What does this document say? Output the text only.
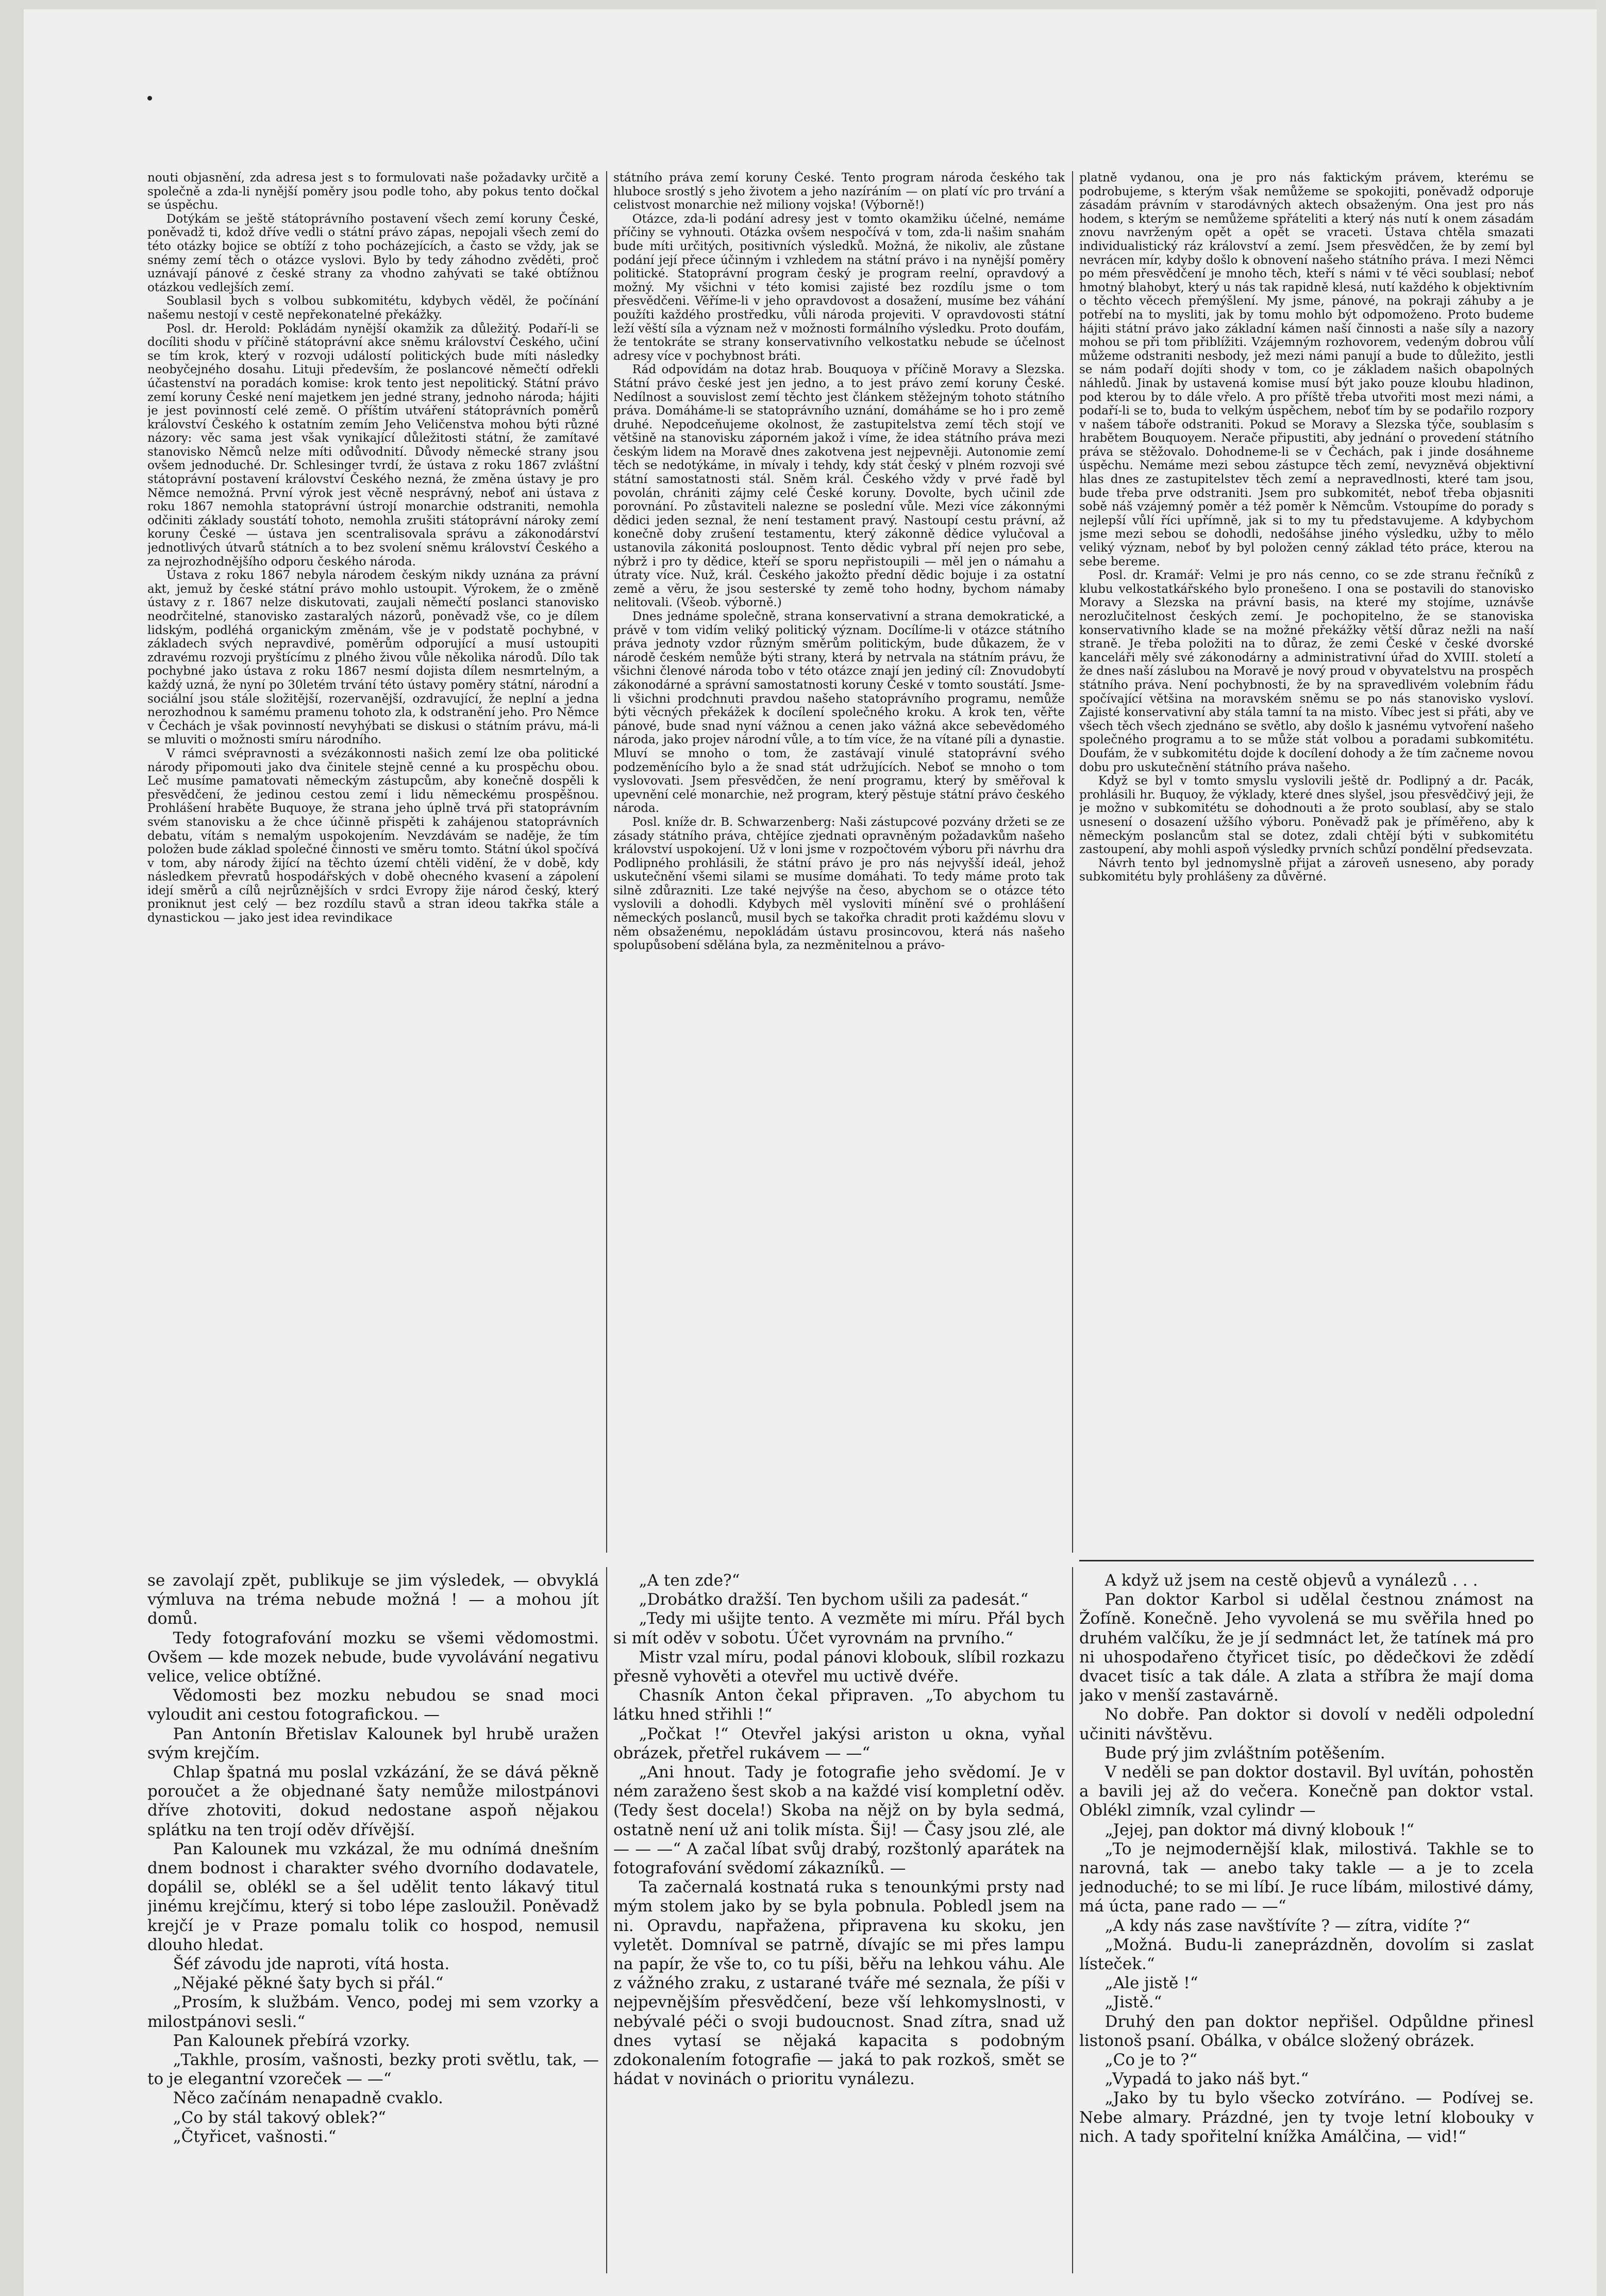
nouti objasnění, zda adresa jest s to formulovati naše požadavky určitě a společně a zda-li nynější poměry jsou podle toho, aby pokus tento dočkal se úspěchu.

Dotýkám se ještě státoprávního postavení všech zemí koruny České, poněvadž ti, kdož dříve vedli o státní právo zápas, nepojali všech zemí do této otázky bojice se obtíží z toho pocházejících, a často se vždy, jak se snémy zemí těch o otázce vyslovi. Bylo by tedy záhodno zvěděti, proč uznávají pánové z české strany za vhodno zahývati se také obtížnou otázkou vedlejších zemí.

Soublasil bych s volbou subkomitétu, kdybych věděl, že počínání našemu nestojí v cestě nepřekonatelné překážky.

Posl. dr. Herold: Pokládám nynější okamžik za důležitý. Podaří-li se docíliti shodu v příčině státoprávní akce sněmu království Českého, učiní se tím krok, který v rozvoji událostí politických bude míti následky neobyčejného dosahu. Lituji především, že poslancové němečtí odřekli účastenství na poradách komise: krok tento jest nepolitický. Státní právo zemí koruny České není majetkem jen jedné strany, jednoho národa; hájiti je jest povinností celé země. O příštím utváření státoprávních poměrů království Českého k ostatním zemím Jeho Veličenstva mohou býti různé názory: věc sama jest však vynikající důležitosti státní, že zamítavé stanovisko Němců nelze míti odůvodnití. Důvody německé strany jsou ovšem jednoduché. Dr. Schlesinger tvrdí, že ústava z roku 1867 zvláštní státoprávní postavení království Českého nezná, že změna ústavy je pro Němce nemožná. První výrok jest věcně nesprávný, neboť ani ústava z roku 1867 nemohla statoprávní ústrojí monarchie odstraniti, nemohla odčiniti základy soustátí tohoto, nemohla zrušiti státoprávní nároky zemí koruny České — ústava jen scentralisovala správu a zákonodárství jednotlivých útvarů státních a to bez svolení sněmu království Českého a za nejrozhodnějšího odporu českého národa.

Ústava z roku 1867 nebyla národem českým nikdy uznána za právní akt, jemuž by české státní právo mohlo ustoupit. Výrokem, že o změně ústavy z r. 1867 nelze diskutovati, zaujali němečtí poslanci stanovisko neodrčitelné, stanovisko zastaralých názorů, poněvadž vše, co je dílem lidským, podléhá organickým změnám, vše je v podstatě pochybné, v základech svých nepravdivé, poměrům odporující a musí ustoupiti zdravému rozvoji pryštícímu z plného živou vůle několika národů. Dílo tak pochybné jako ústava z roku 1867 nesmí dojista dílem nesmrtelným, a každý uzná, že nyní po 30letém trvání této ústavy poměry státní, národní a sociální jsou stále složitější, rozervanější, ozdravující, že neplní a jedna nerozhodnou k samému pramenu tohoto zla, k odstranění jeho. Pro Němce v Čechách je však povinností nevyhýbati se diskusi o státním právu, má-li se mluviti o možnosti smíru národního.

V rámci svépravnosti a svézákonnosti našich zemí lze oba politické národy připomouti jako dva činitele stejně cenné a ku prospěchu obou. Leč musíme pamatovati německým zástupcům, aby konečně dospěli k přesvědčení, že jedinou cestou zemí i lidu německému prospěšnou. Prohlášení hraběte Buquoye, že strana jeho úplně trvá při statoprávním svém stanovisku a že chce účinně přispěti k zahájenou statoprávních debatu, vítám s nemalým uspokojením. Nevzdávám se naděje, že tím položen bude základ společné činnosti ve směru tomto. Státní úkol spočívá v tom, aby národy žijící na těchto území chtěli vidění, že v době, kdy následkem převratů hospodářských v době ohecného kvasení a zápolení idejí směrů a cílů nejrůznějších v srdci Evropy žije národ český, který proniknut jest celý — bez rozdílu stavů a stran ideou takřka stále a dynastickou — jako jest idea revindikace

státního práva zemí koruny České. Tento program národa českého tak hluboce srostlý s jeho životem a jeho nazíráním — on platí víc pro trvání a celistvost monarchie než miliony vojska! (Výborně!)

Otázce, zda-li podání adresy jest v tomto okamžiku účelné, nemáme příčiny se vyhnouti. Otázka ovšem nespočívá v tom, zda-li našim snahám bude míti určitých, positivních výsledků. Možná, že nikoliv, ale zůstane podání její přece účinným i vzhledem na státní právo i na nynější poměry politické. Statoprávní program český je program reelní, opravdový a možný. My všichni v této komisi zajisté bez rozdílu jsme o tom přesvědčeni. Věříme-li v jeho opravdovost a dosažení, musíme bez váhání použíti každého prostředku, vůli národa projeviti. V opravdovosti státní leží věští síla a význam než v možnosti formálního výsledku. Proto doufám, že tentokráte se strany konservativního velkostatku nebude se účelnost adresy více v pochybnost bráti.

Rád odpovídám na dotaz hrab. Bouquoya v příčině Moravy a Slezska. Státní právo české jest jen jedno, a to jest právo zemí koruny České. Nedílnost a souvislost zemí těchto jest článkem stěžejným tohoto státního práva. Domáháme-li se statoprávního uznání, domáháme se ho i pro země druhé. Nepodceňujeme okolnost, že zastupitelstva zemí těch stojí ve většině na stanovisku záporném jakož i víme, že idea státního práva mezi českým lidem na Moravě dnes zakotvena jest nejpevněji. Autonomie zemí těch se nedotýkáme, in mívaly i tehdy, kdy stát český v plném rozvoji své státní samostatnosti stál. Sněm král. Českého vždy v prvé řadě byl povolán, chrániti zájmy celé České koruny. Dovolte, bych učinil zde porovnání. Po zůstaviteli nalezne se poslední vůle. Mezi více zákonnými dědici jeden seznal, že není testament pravý. Nastoupí cestu právní, až konečně doby zrušení testamentu, který zákonně dědice vylučoval a ustanovila zákonitá posloupnost. Tento dědic vybral pří nejen pro sebe, nýbrž i pro ty dědice, kteří se sporu nepřistoupili — měl jen o námahu a útraty více. Nuž, král. Českého jakožto přední dědic bojuje i za ostatní země a věru, že jsou sesterské ty země toho hodny, bychom námaby nelitovali. (Všeob. výborně.)

Dnes jednáme společně, strana konservativní a strana demokratické, a právě v tom vidím veliký politický význam. Docílíme-li v otázce státního práva jednoty vzdor různým směrům politickým, bude důkazem, že v národě českém nemůže býti strany, která by netrvala na státním právu, že všichni členové národa tobo v této otázce znají jen jediný cíl: Znovudobytí zákonodárné a správní samostatnosti koruny České v tomto soustátí. Jsme-li všichni prodchnuti pravdou našeho statoprávního programu, nemůže býti věcných překážek k docílení společného kroku. A krok ten, věřte pánové, bude snad nyní vážnou a cenen jako vážná akce sebevědomého národa, jako projev národní vůle, a to tím více, že na vítané píli a dynastie. Mluví se mnoho o tom, že zastávají vinulé statoprávní svého podzeměnícího bylo a že snad stát udržujících. Neboť se mnoho o tom vyslovovati. Jsem přesvědčen, že není programu, který by směřoval k upevnění celé monarchie, než program, který pěstuje státní právo českého národa.

Posl. kníže dr. B. Schwarzenberg: Naši zástupcové pozvány držeti se ze zásady státního práva, chtějíce zjednati opravněným požadavkům našeho království uspokojení. Už v loni jsme v rozpočtovém výboru při návrhu dra Podlipného prohlásili, že státní právo je pro nás nejvyšší ideál, jehož uskutečnění všemi silami se musíme domáhati. To tedy máme proto tak silně zdůrazniti. Lze také nejvýše na česo, abychom se o otázce této vyslovili a dohodli. Kdybych měl vysloviti mínění své o prohlášení německých poslanců, musil bych se takořka chradit proti každému slovu v něm obsaženému, nepokládám ústavu prosincovou, která nás našeho spolupůsobení sdělána byla, za nezměnitelnou a právo-

platně vydanou, ona je pro nás faktickým právem, kterému se podrobujeme, s kterým však nemůžeme se spokojiti, poněvadž odporuje zásadám právním v starodávných aktech obsaženým. Ona jest pro nás hodem, s kterým se nemůžeme spřáteliti a který nás nutí k onem zásadám znovu navrženým opět a opět se vraceti. Ústava chtěla smazati individualistický ráz království a zemí. Jsem přesvědčen, že by zemí byl nevrácen mír, kdyby došlo k obnovení našeho státního práva. I mezi Němci po mém přesvědčení je mnoho těch, kteří s námi v té věci soublasí; neboť hmotný blahobyt, který u nás tak rapidně klesá, nutí každého k objektivním o těchto věcech přemýšlení. My jsme, pánové, na pokraji záhuby a je potřebí na to mysliti, jak by tomu mohlo být odpomoženo. Proto budeme hájiti státní právo jako základní kámen naší činnosti a naše síly a nazory mohou se při tom přiblížiti. Vzájemným rozhovorem, vedeným dobrou vůlí můžeme odstraniti nesbody, jež mezi námi panují a bude to důležito, jestli se nám podaří dojíti shody v tom, co je základem našich obapolných náhledů. Jinak by ustavená komise musí být jako pouze kloubu hladinon, pod kterou by to dále vřelo. A pro příště třeba utvořiti most mezi námi, a podaří-li se to, buda to velkým úspěchem, neboť tím by se podařilo rozpory v našem táboře odstraniti. Pokud se Moravy a Slezska týče, soublasím s hrabětem Bouquoyem. Nerače připustiti, aby jednání o provedení státního práva se stěžovalo. Dohodneme-li se v Čechách, pak i jinde dosáhneme úspěchu. Nemáme mezi sebou zástupce těch zemí, nevyzněvá objektivní hlas dnes ze zastupitelstev těch zemí a nepravedlnosti, které tam jsou, bude třeba prve odstraniti. Jsem pro subkomitét, neboť třeba objasniti sobě náš vzájemný poměr a též poměr k Němcům. Vstoupíme do porady s nejlepší vůlí říci upřímně, jak si to my tu představujeme. A kdybychom jsme mezi sebou se dohodli, nedošáhse jiného výsledku, užby to mělo veliký význam, neboť by byl položen cenný základ této práce, kterou na sebe bereme.

Posl. dr. Kramář: Velmi je pro nás cenno, co se zde stranu řečníků z klubu velkostatkářského bylo pronešeno. I ona se postavili do stanovisko Moravy a Slezska na právní basis, na které my stojíme, uznávše nerozlučitelnost českých zemí. Je pochopitelno, že se stanoviska konservativního klade se na možné překážky větší důraz nežli na naší straně. Je třeba položiti na to důraz, že zemi České v české dvorské kanceláři měly své zákonodárny a administrativní úřad do XVIII. století a že dnes naší záslubou na Moravě je nový proud v obyvatelstvu na prospěch státního práva. Není pochybnosti, že by na spravedlivém volebním řádu spočívající většina na moravském sněmu se po nás stanovisko vysloví. Zajisté konservativní aby stála tamní ta na misto. Víbec jest si přáti, aby ve všech těch všech zjednáno se světlo, aby došlo k jasnému vytvoření našeho společného programu a to se může stát volbou a poradami subkomitétu. Doufám, že v subkomitétu dojde k docílení dohody a že tím začneme novou dobu pro uskutečnění státního práva našeho.

Když se byl v tomto smyslu vyslovili ještě dr. Podlipný a dr. Pacák, prohlásili hr. Buquoy, že výklady, které dnes slyšel, jsou přesvědčivý jeji, že je možno v subkomitétu se dohodnouti a že proto soublasí, aby se stalo usnesení o dosazení užšího výboru. Poněvadž pak je příměřeno, aby k německým poslancům stal se dotez, zdali chtějí býti v subkomitétu zastoupení, aby mohli aspoň výsledky prvních schůzí pondělní předsevzata.

Návrh tento byl jednomyslně přijat a zároveň usneseno, aby porady subkomitétu byly prohlášeny za důvěrné.

se zavolají zpět, publikuje se jim výsledek, — obvyklá výmluva na tréma nebude možná ! — a mohou jít domů.

Tedy fotografování mozku se všemi vědomostmi. Ovšem — kde mozek nebude, bude vyvolávání negativu velice, velice obtížné.

Vědomosti bez mozku nebudou se snad moci vyloudit ani cestou fotografickou. —

Pan Antonín Břetislav Kalounek byl hrubě uražen svým krejčím.

Chlap špatná mu poslal vzkázání, že se dává pěkně poroučet a že objednané šaty nemůže milostpánovi dříve zhotoviti, dokud nedostane aspoň nějakou splátku na ten trojí oděv dřívější.

Pan Kalounek mu vzkázal, že mu odnímá dnešním dnem bodnost i charakter svého dvorního dodavatele, dopálil se, oblékl se a šel udělit tento lákavý titul jinému krejčímu, který si tobo lépe zasloužil. Poněvadž krejčí je v Praze pomalu tolik co hospod, nemusil dlouho hledat.

Šéf závodu jde naproti, vítá hosta.

„Nějaké pěkné šaty bych si přál.“

„Prosím, k službám. Venco, podej mi sem vzorky a milostpánovi sesli.“

Pan Kalounek přebírá vzorky.

„Takhle, prosím, vašnosti, bezky proti světlu, tak, — to je elegantní vzoreček — —“

Něco začínám nenapadně cvaklo.

„Co by stál takový oblek?“

„Čtyřicet, vašnosti.“

„A ten zde?“

„Drobátko dražší. Ten bychom ušili za padesát.“

„Tedy mi ušijte tento. A vezměte mi míru. Přál bych si mít oděv v sobotu. Účet vyrovnám na prvního.“

Mistr vzal míru, podal pánovi klobouk, slíbil rozkazu přesně vyhověti a otevřel mu uctivě dvéře.

Chasník Anton čekal připraven. „To abychom tu látku hned střihli !“

„Počkat !“ Otevřel jakýsi ariston u okna, vyňal obrázek, přetřel rukávem — —“

„Ani hnout. Tady je fotografie jeho svědomí. Je v ném zaraženo šest skob a na každé visí kompletní oděv. (Tedy šest docela!) Skoba na nějž on by byla sedmá, ostatně není už ani tolik místa. Šij! — Časy jsou zlé, ale — — —“ A začal líbat svůj drabý, rozštonlý aparátek na fotografování svědomí zákazníků. —

Ta začernalá kostnatá ruka s tenounkými prsty nad mým stolem jako by se byla pobnula. Pobledl jsem na ni. Opravdu, napřažena, připravena ku skoku, jen vyletět. Domníval se patrně, dívajíc se mi přes lampu na papír, že vše to, co tu píši, běřu na lehkou váhu. Ale z vážného zraku, z ustarané tváře mé seznala, že píši v nejpevnějším přesvědčení, beze vší lehkomyslnosti, v nebývalé péči o svoji budoucnost. Snad zítra, snad už dnes vytasí se nějaká kapacita s podobným zdokonalením fotografie — jaká to pak rozkoš, smět se hádat v novinách o prioritu vynálezu.

A když už jsem na cestě objevů a vynálezů . . .

Pan doktor Karbol si udělal čestnou známost na Žofíně. Konečně. Jeho vyvolená se mu svěřila hned po druhém valčíku, že je jí sedmnáct let, že tatínek má pro ni uhospodařeno čtyřicet tisíc, po dědečkovi že zdědí dvacet tisíc a tak dále. A zlata a stříbra že mají doma jako v menší zastavárně.

No dobře. Pan doktor si dovolí v neděli odpolední učiniti návštěvu.

Bude prý jim zvláštním potěšením.

V neděli se pan doktor dostavil. Byl uvítán, pohostěn a bavili jej až do večera. Konečně pan doktor vstal. Oblékl zimník, vzal cylindr —

„Jejej, pan doktor má divný klobouk !“

„To je nejmodernější klak, milostivá. Takhle se to narovná, tak — anebo taky takle — a je to zcela jednoduché; to se mi líbí. Je ruce líbám, milostivé dámy, má úcta, pane rado — —“

„A kdy nás zase navštívíte ? — zítra, vidíte ?“

„Možná. Budu-li zaneprázdněn, dovolím si zaslat lísteček.“

„Ale jistě !“

„Jistě.“

Druhý den pan doktor nepřišel. Odpůldne přinesl listonoš psaní. Obálka, v obálce složený obrázek.

„Co je to ?“

„Vypadá to jako náš byt.“

„Jako by tu bylo všecko zotvíráno. — Podívej se. Nebe almary. Prázdné, jen ty tvoje letní klobouky v nich. A tady spořitelní knížka Amálčina, — vid!“
